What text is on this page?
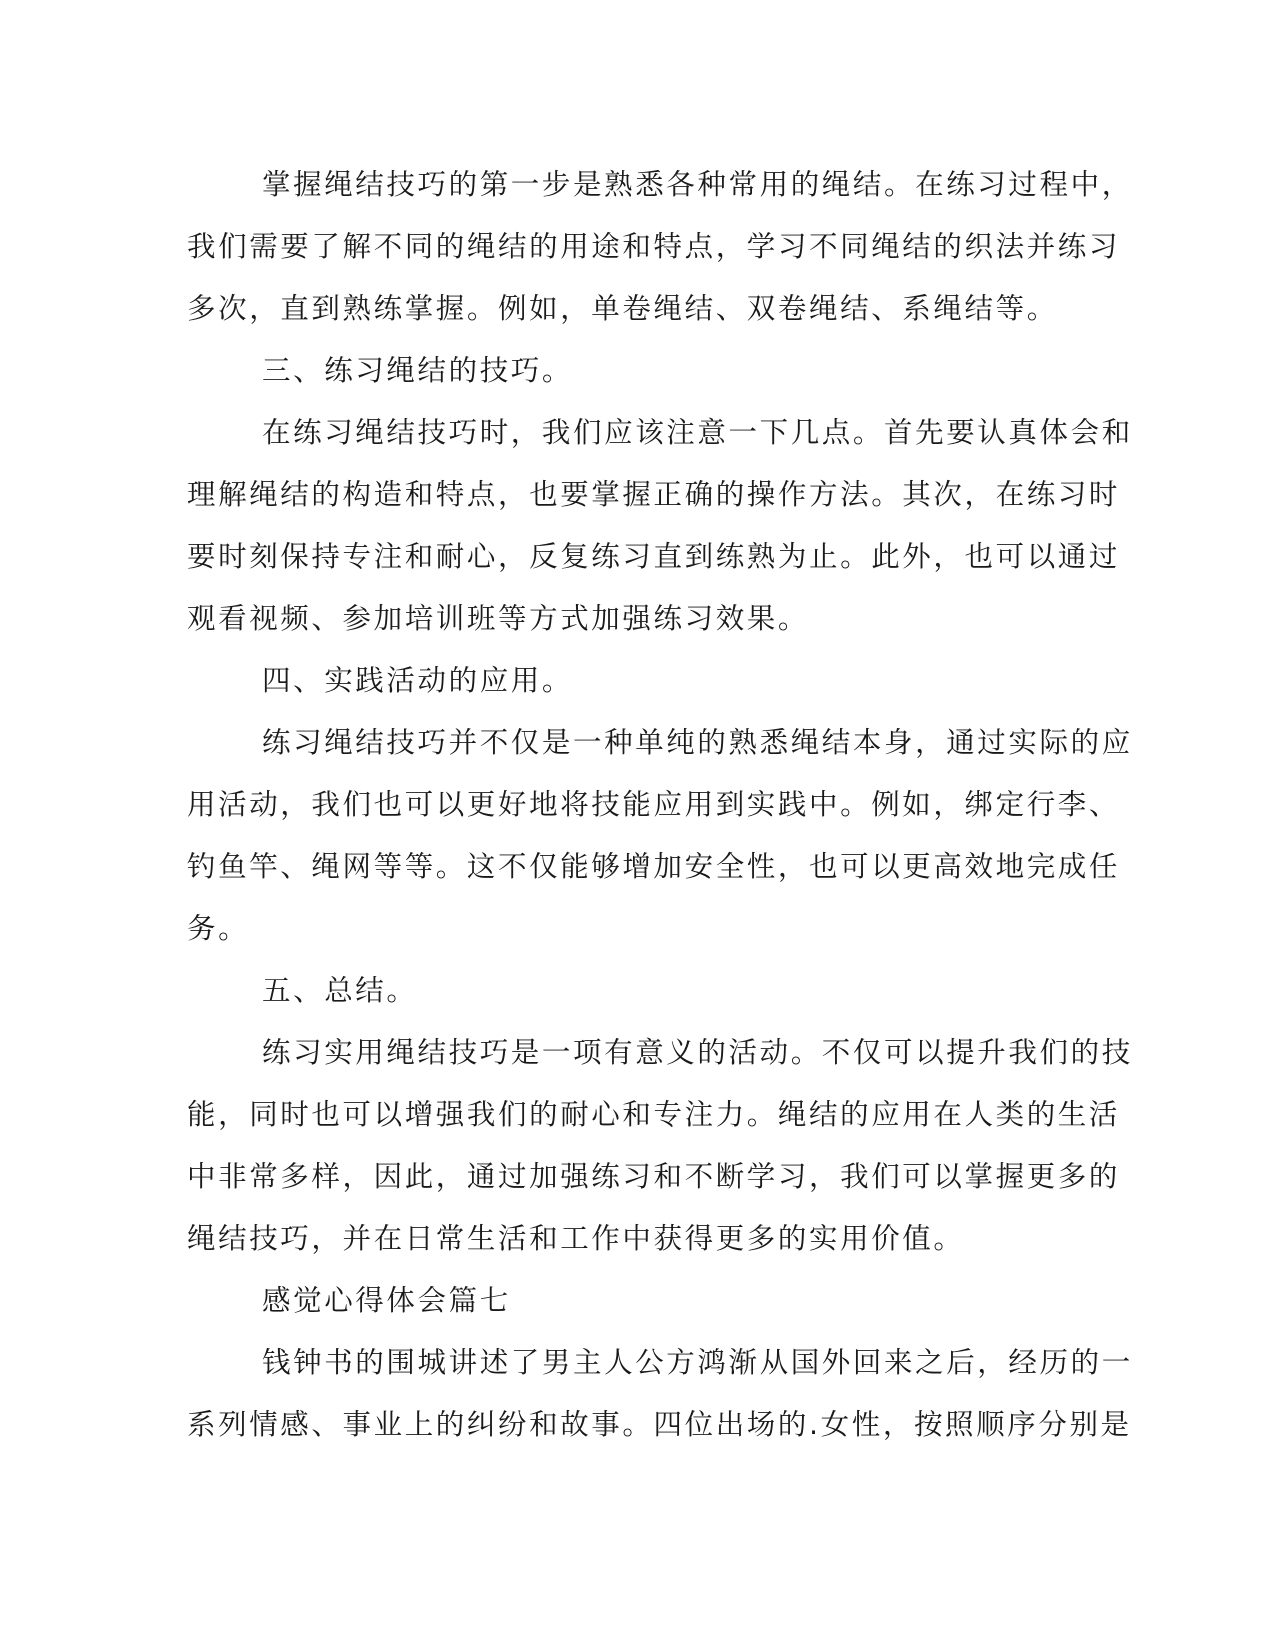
掌握绳结技巧的第一步是熟悉各种常用的绳结。在练习过程中，
我们需要了解不同的绳结的用途和特点，学习不同绳结的织法并练习
多次，直到熟练掌握。例如，单卷绳结、双卷绳结、系绳结等。

三、练习绳结的技巧。

在练习绳结技巧时，我们应该注意一下几点。首先要认真体会和
理解绳结的构造和特点，也要掌握正确的操作方法。其次，在练习时
要时刻保持专注和耐心，反复练习直到练熟为止。此外，也可以通过
观看视频、参加培训班等方式加强练习效果。

四、实践活动的应用。

练习绳结技巧并不仅是一种单纯的熟悉绳结本身，通过实际的应
用活动，我们也可以更好地将技能应用到实践中。例如，绑定行李、
钓鱼竿、绳网等等。这不仅能够增加安全性，也可以更高效地完成任
务。

五、总结。

练习实用绳结技巧是一项有意义的活动。不仅可以提升我们的技
能，同时也可以增强我们的耐心和专注力。绳结的应用在人类的生活
中非常多样，因此，通过加强练习和不断学习，我们可以掌握更多的
绳结技巧，并在日常生活和工作中获得更多的实用价值。

感觉心得体会篇七

钱钟书的围城讲述了男主人公方鸿渐从国外回来之后，经历的一
系列情感、事业上的纠纷和故事。四位出场的.女性，按照顺序分别是
